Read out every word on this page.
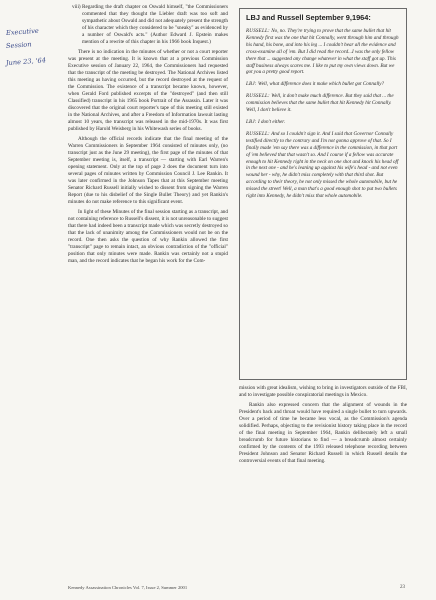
Executive
Session
June 23, '64

viii) Regarding the draft chapter on Oswald himself, "the Commissioners commented that they thought the Liebler draft was too soft and sympathetic about Oswald and did not adequately present the strength of his character which they considered to be "sneaky" as evidenced by a number of Oswald's acts." (Author Edward J. Epstein makes mention of a rewrite of this chapter in his 1966 book Inquest.)

There is no indication in the minutes of whether or not a court reporter was present at the meeting. It is known that at a previous Commission Executive session of January 22, 1964, the Commissioners had requested that the transcript of the meeting be destroyed. The National Archives listed this meeting as having occurred, but the record destroyed at the request of the Commission. The existence of a transcript became known, however, when Gerald Ford published excerpts of the "destroyed" (and then still Classified) transcript in his 1965 book Portrait of the Assassin. Later it was discovered that the original court reporter's tape of this meeting still existed in the National Archives, and after a Freedom of Information lawsuit lasting almost 10 years, the transcript was released in the mid-1970s. It was first published by Harold Weisberg in his Whitewash series of books.

Although the official records indicate that the final meeting of the Warren Commissioners in September 1964 consisted of minutes only, (no transcript just as the June 29 meeting), the first page of the minutes of that September meeting is, itself, a transcript — starting with Earl Warren's opening statement. Only at the top of page 2 does the document turn into several pages of minutes written by Commission Council J. Lee Rankin. It was later confirmed in the Johnson Tapes that at this September meeting Senator Richard Russell initially wished to dissent from signing the Warren Report (due to his disbelief of the Single Bullet Theory) and yet Rankin's minutes do not make reference to this significant event.

In light of these Minutes of the final session starting as a transcript, and not containing reference to Russell's dissent, it is not unreasonable to suggest that there had indeed been a transcript made which was secretly destroyed so that the lack of unanimity among the Commissioners would not be on the record. One then asks the question of why Rankin allowed the first "transcript" page to remain intact, an obvious contradiction of the "official" position that only minutes were made. Rankin was certainly not a stupid man, and the record indicates that he began his work for the Com-

LBJ and Russell September 9,1964:

RUSSELL: No, no. They're trying to prove that the same bullet that hit Kennedy first was the one that hit Connally, went through him and through his hand, his bone, and into his leg ... I couldn't hear all the evidence and cross-examine all of 'em. But I did read the record...I was the only fellow there that ... suggested any change whatever in what the staff got up. This staff business always scares me. I like to put my own views down. But we got you a pretty good report.

LBJ: Well, what difference does it make which bullet got Connally?

RUSSELL: Well, it don't make much difference. But they said that ... the commission believes that the same bullet that hit Kennedy hit Connally. Well, I don't believe it.

LBJ: I don't either.

RUSSELL: And so I couldn't sign it. And I said that Governor Connally testified directly to the contrary and I'm not gonna approve of that. So I finally made 'em say there was a difference in the commission, in that part of 'em believed that that wasn't so. And I course if a fellow was accurate enough to hit Kennedy right in the neck on one shot and knock his head off in the next one - and he's leaning up against his wife's head - and not even wound her - why, he didn't miss completely with that third shot. But according to their theory, he not only missed the whole automobile, but he missed the street! Well, a man that's a good enough shot to put two bullets right into Kennedy, he didn't miss that whole automobile.

mission with great idealism, wishing to bring in investigators outside of the FBI, and to investigate possible conspiratorial meetings in Mexico.

Rankin also expressed concern that the alignment of wounds in the President's back and throat would have required a single bullet to turn upwards. Over a period of time he became less vocal, as the Commission's agenda solidified. Perhaps, objecting to the revisionist history taking place in the record of the final meeting in September 1964, Rankin deliberately left a small breadcrumb for future historians to find — a breadcrumb almost certainly confirmed by the contents of the 1993 released telephone recording between President Johnson and Senator Richard Russell in which Russell details the controversial events of that final meeting.

Kennedy Assassination Chronicles Vol. 7, Issue 2, Summer 2001	23
